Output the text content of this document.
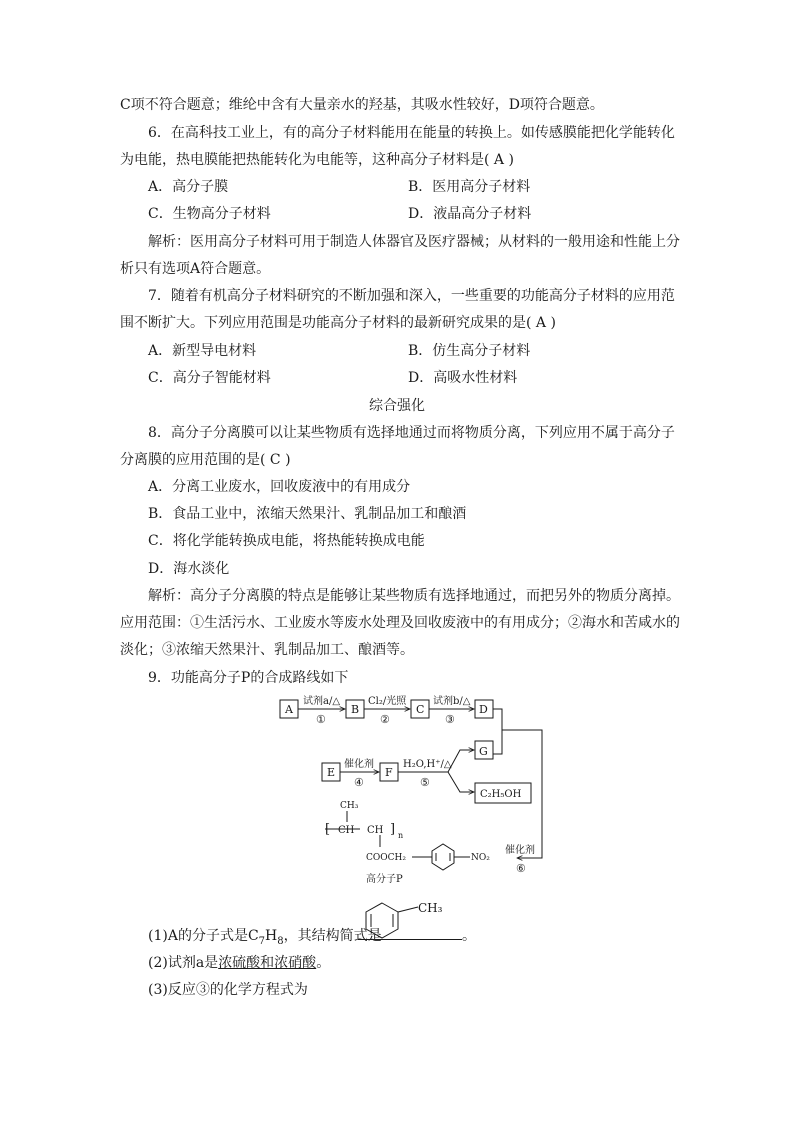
C项不符合题意；维纶中含有大量亲水的羟基，其吸水性较好，D项符合题意。
6．在高科技工业上，有的高分子材料能用在能量的转换上。如传感膜能把化学能转化
为电能，热电膜能把热能转化为电能等，这种高分子材料是( A )
A．高分子膜	B．医用高分子材料
C．生物高分子材料	D．液晶高分子材料
解析：医用高分子材料可用于制造人体器官及医疗器械；从材料的一般用途和性能上分
析只有选项A符合题意。
7．随着有机高分子材料研究的不断加强和深入，一些重要的功能高分子材料的应用范
围不断扩大。下列应用范围是功能高分子材料的最新研究成果的是( A )
A．新型导电材料	B．仿生高分子材料
C．高分子智能材料	D．高吸水性材料
综合强化
8．高分子分离膜可以让某些物质有选择地通过而将物质分离，下列应用不属于高分子
分离膜的应用范围的是( C )
A．分离工业废水，回收废液中的有用成分
B．食品工业中，浓缩天然果汁、乳制品加工和酿酒
C．将化学能转换成电能，将热能转换成电能
D．海水淡化
解析：高分子分离膜的特点是能够让某些物质有选择地通过，而把另外的物质分离掉。
应用范围：①生活污水、工业废水等废水处理及回收废液中的有用成分；②海水和苦咸水的
淡化；③浓缩天然果汁、乳制品加工、酿酒等。
9．功能高分子P的合成路线如下
A	B	C	D
E	F
G
C₂H₅OH
试剂a/△
①
Cl₂/光照
②
试剂b/△
③
催化剂
④
H₂O,H⁺/△
⑤
催化剂
⑥
CH₃
[ CH CH ] n
COOCH₂	NO₂
高分子P
(1)A的分子式是$C_7H_8$，其结构简式是
CH₃
。
(2)试剂a是浓硫酸和浓硝酸。
(3)反应③的化学方程式为
